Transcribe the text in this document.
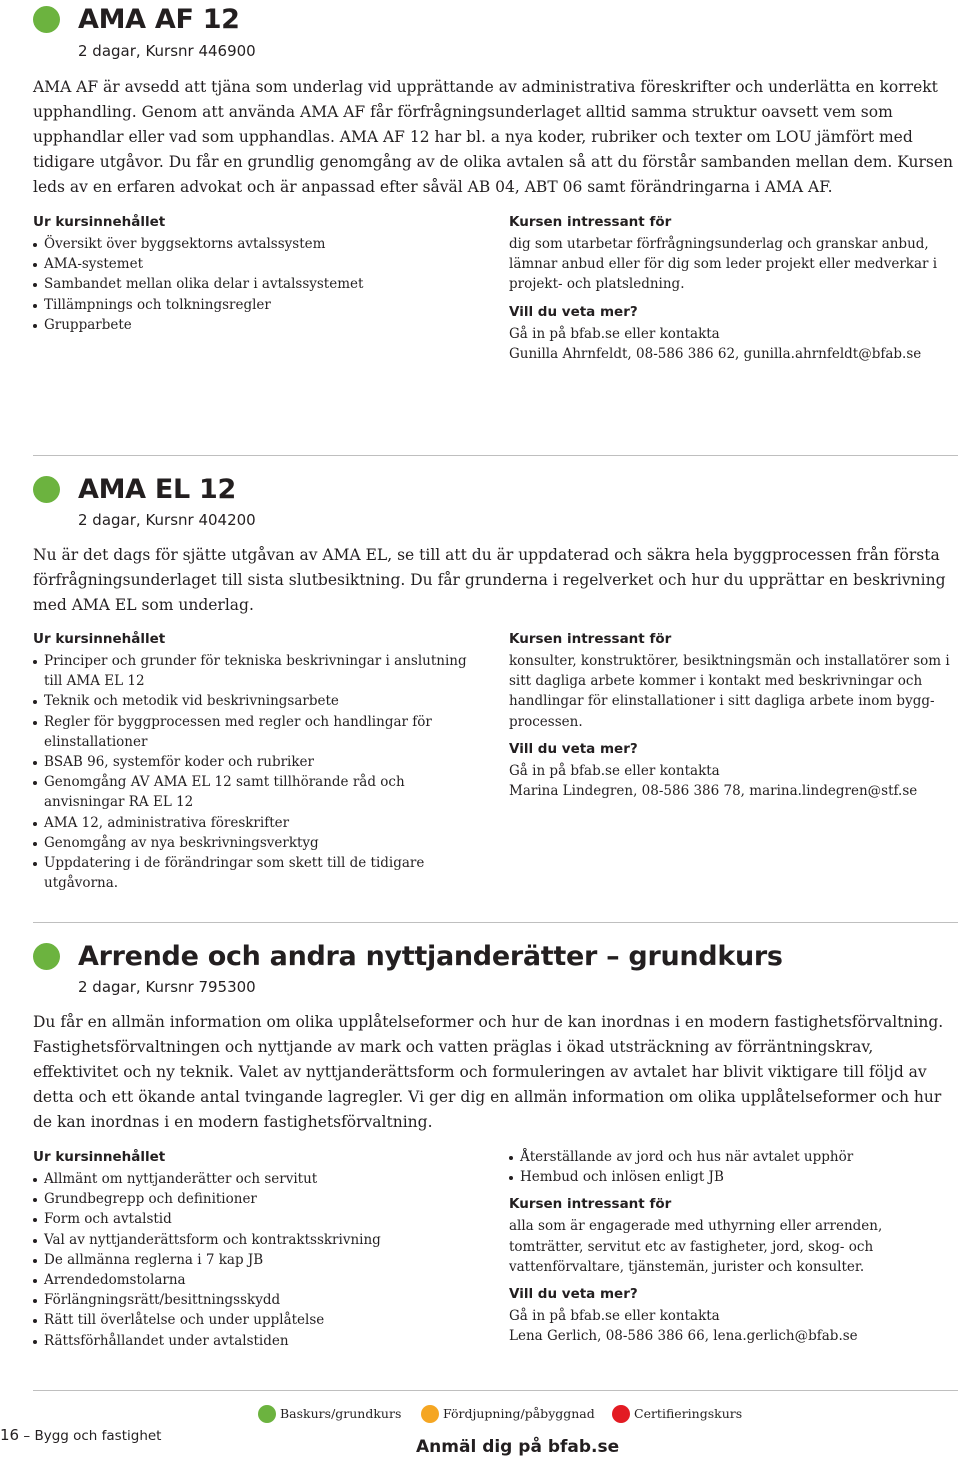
AMA AF 12
2 dagar, Kursnr 446900

AMA AF är avsedd att tjäna som underlag vid upprättande av administrativa föreskrifter och underlätta en korrekt upphandling. Genom att använda AMA AF får förfrågningsunderlaget alltid samma struktur oavsett vem som upphandlar eller vad som upphandlas. AMA AF 12 har bl. a nya koder, rubriker och texter om LOU jämfört med tidigare utgåvor. Du får en grundlig genomgång av de olika avtalen så att du förstår sambanden mellan dem. Kursen leds av en erfaren advokat och är anpassad efter såväl AB 04, ABT 06 samt förändringarna i AMA AF.

Ur kursinnehållet
Översikt över byggsektorns avtalssystem
AMA-systemet
Sambandet mellan olika delar i avtalssystemet
Tillämpnings och tolkningsregler
Grupparbete
Kursen intressant för

dig som utarbetar förfrågningsunderlag och granskar anbud, lämnar anbud eller för dig som leder projekt eller medverkar i projekt- och platsledning.

Vill du veta mer?

Gå in på bfab.se eller kontakta

Gunilla Ahrnfeldt, 08-586 386 62, gunilla.ahrnfeldt@bfab.se

AMA EL 12
2 dagar, Kursnr 404200

Nu är det dags för sjätte utgåvan av AMA EL, se till att du är uppdaterad och säkra hela byggprocessen från första förfrågningsunderlaget till sista slutbesiktning. Du får grunderna i regelverket och hur du upprättar en beskrivning med AMA EL som underlag.

Ur kursinnehållet
Principer och grunder för tekniska beskrivningar i anslutning till AMA EL 12
Teknik och metodik vid beskrivningsarbete
Regler för byggprocessen med regler och handlingar för elinstallationer
BSAB 96, systemför koder och rubriker
Genomgång AV AMA EL 12 samt tillhörande råd och anvisningar RA EL 12
AMA 12, administrativa föreskrifter
Genomgång av nya beskrivningsverktyg
Uppdatering i de förändringar som skett till de tidigare utgåvorna.
Kursen intressant för

konsulter, konstruktörer, besiktningsmän och installatörer som i sitt dagliga arbete kommer i kontakt med beskrivningar och handlingar för elinstallationer i sitt dagliga arbete inom bygg-processen.

Vill du veta mer?

Gå in på bfab.se eller kontakta

Marina Lindegren, 08-586 386 78, marina.lindegren@stf.se

Arrende och andra nyttjanderätter – grundkurs
2 dagar, Kursnr 795300

Du får en allmän information om olika upplåtelseformer och hur de kan inordnas i en modern fastighetsförvaltning. Fastighetsförvaltningen och nyttjande av mark och vatten präglas i ökad utsträckning av förräntningskrav, effektivitet och ny teknik. Valet av nyttjanderättsform och formuleringen av avtalet har blivit viktigare till följd av detta och ett ökande antal tvingande lagregler. Vi ger dig en allmän information om olika upplåtelseformer och hur de kan inordnas i en modern fastighetsförvaltning.

Ur kursinnehållet
Allmänt om nyttjanderätter och servitut
Grundbegrepp och definitioner
Form och avtalstid
Val av nyttjanderättsform och kontraktsskrivning
De allmänna reglerna i 7 kap JB
Arrendedomstolarna
Förlängningsrätt/besittningsskydd
Rätt till överlåtelse och under upplåtelse
Rättsförhållandet under avtalstiden
Återställande av jord och hus när avtalet upphör
Hembud och inlösen enligt JB
Kursen intressant för

alla som är engagerade med uthyrning eller arrenden, tomträtter, servitut etc av fastigheter, jord, skog- och vattenförvaltare, tjänstemän, jurister och konsulter.

Vill du veta mer?

Gå in på bfab.se eller kontakta

Lena Gerlich, 08-586 386 66, lena.gerlich@bfab.se

16 – Bygg och fastighet
Baskurs/grundkurs	Fördjupning/påbyggnad	Certifieringskurs
Anmäl dig på bfab.se
